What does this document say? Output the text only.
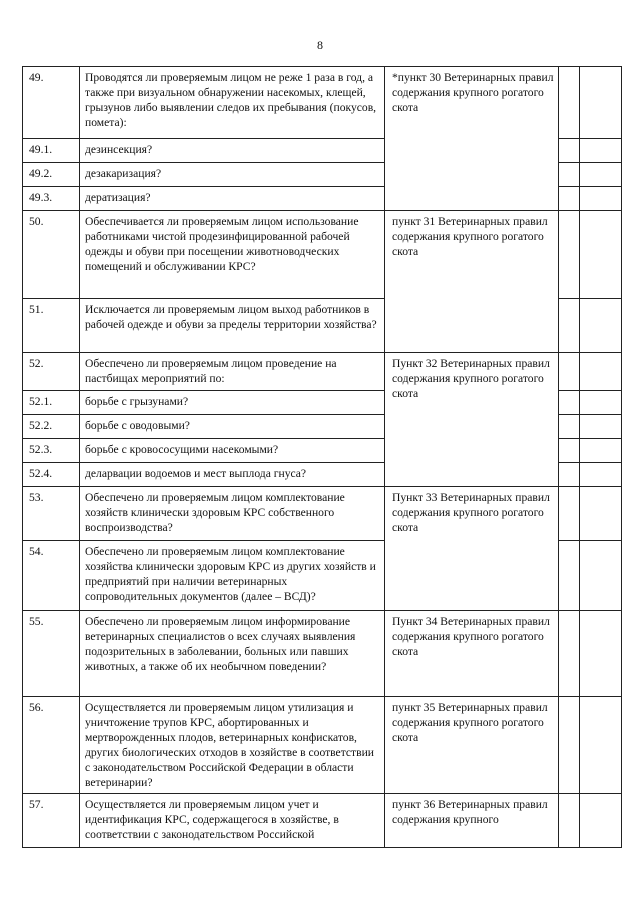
8
49.	Проводятся ли проверяемым лицом не реже 1 раза в год, а также при визуальном обнаружении насекомых, клещей, грызунов либо выявлении следов их пребывания (покусов, помета):	*пункт 30 Ветеринарных правил содержания крупного рогатого скота		
49.1.	дезинсекция?			
49.2.	дезакаризация?			
49.3.	дератизация?			
50.	Обеспечивается ли проверяемым лицом использование работниками чистой продезинфицированной рабочей одежды и обуви при посещении животноводческих помещений и обслуживании КРС?	пункт 31 Ветеринарных правил содержания крупного рогатого скота		
51.	Исключается ли проверяемым лицом выход работников в рабочей одежде и обуви за пределы территории хозяйства?			
52.	Обеспечено ли проверяемым лицом проведение на пастбищах мероприятий по:	Пункт 32 Ветеринарных правил содержания крупного рогатого скота		
52.1.	борьбе с грызунами?			
52.2.	борьбе с оводовыми?			
52.3.	борьбе с кровососущими насекомыми?			
52.4.	деларвации водоемов и мест выплода гнуса?			
53.	Обеспечено ли проверяемым лицом комплектование хозяйств клинически здоровым КРС собственного воспроизводства?	Пункт 33 Ветеринарных правил содержания крупного рогатого скота		
54.	Обеспечено ли проверяемым лицом комплектование хозяйства клинически здоровым КРС из других хозяйств и предприятий при наличии ветеринарных сопроводительных документов (далее – ВСД)?			
55.	Обеспечено ли проверяемым лицом информирование ветеринарных специалистов о всех случаях выявления подозрительных в заболевании, больных или павших животных, а также об их необычном поведении?	Пункт 34 Ветеринарных правил содержания крупного рогатого скота		
56.	Осуществляется ли проверяемым лицом утилизация и уничтожение трупов КРС, абортированных и мертворожденных плодов, ветеринарных конфискатов, других биологических отходов в хозяйстве в соответствии с законодательством Российской Федерации в области ветеринарии?	пункт 35 Ветеринарных правил содержания крупного рогатого скота		
57.	Осуществляется ли проверяемым лицом учет и идентификация КРС, содержащегося в хозяйстве, в соответствии с законодательством Российской	пункт 36 Ветеринарных правил содержания крупного		
